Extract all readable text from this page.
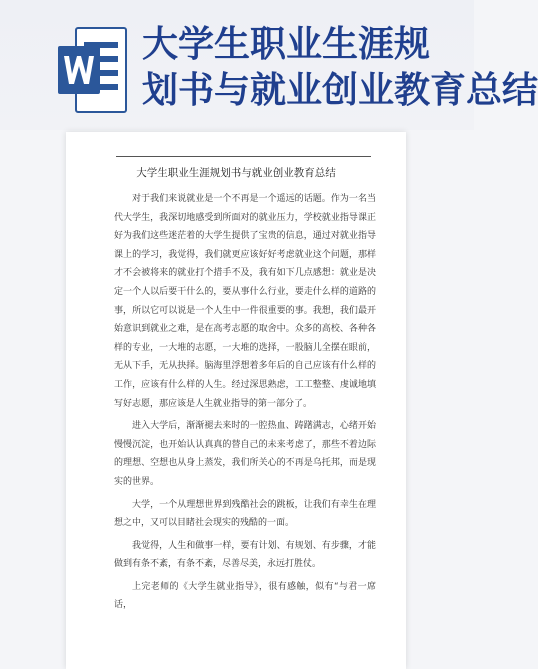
大学生职业生涯规
划书与就业创业教育总结
大学生职业生涯规划书与就业创业教育总结

对于我们来说就业是一个不再是一个遥远的话题。作为一名当代大学生，我深切地感受到所面对的就业压力，学校就业指导课正好为我们这些迷茫着的大学生提供了宝贵的信息，通过对就业指导课上的学习，我觉得，我们就更应该好好考虑就业这个问题，那样才不会被将来的就业打个措手不及，我有如下几点感想：就业是决定一个人以后要干什么的，要从事什么行业，要走什么样的道路的事，所以它可以说是一个人生中一件很重要的事。我想，我们最开始意识到就业之难，是在高考志愿的取舍中。众多的高校、各种各样的专业，一大堆的志愿，一大堆的选择，一股脑儿全摆在眼前，无从下手，无从抉择。脑海里浮想着多年后的自己应该有什么样的工作，应该有什么样的人生。经过深思熟虑，工工整整、虔诚地填写好志愿，那应该是人生就业指导的第一部分了。

进入大学后，渐渐褪去来时的一腔热血、踌躇满志，心绪开始慢慢沉淀，也开始认认真真的替自己的未来考虑了，那些不着边际的理想、空想也从身上蒸发，我们所关心的不再是乌托邦，而是现实的世界。

大学，一个从理想世界到残酷社会的跳板，让我们有幸生在理想之中，又可以目睹社会现实的残酷的一面。

我觉得，人生和做事一样，要有计划、有规划、有步骤，才能做到有条不紊，有条不紊，尽善尽美，永远打胜仗。

上完老师的《大学生就业指导》，很有感触，似有“与君一席话，
